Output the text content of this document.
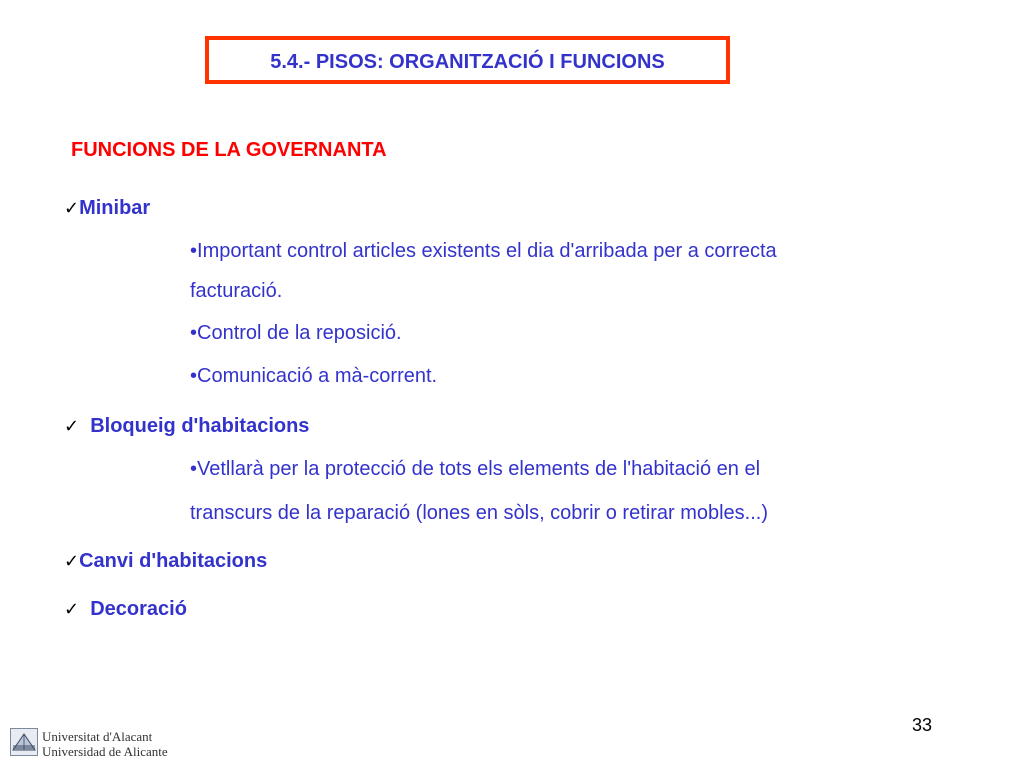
5.4.- PISOS: ORGANITZACIÓ I FUNCIONS
FUNCIONS DE LA GOVERNANTA
✓Minibar
•Important control articles existents el dia d'arribada per a correcta
facturació.
•Control de la reposició.
•Comunicació a mà-corrent.
✓ Bloqueig d'habitacions
•Vetllarà per la protecció de tots els elements de l'habitació en el
transcurs de la reparació (lones en sòls, cobrir o retirar mobles...)
✓Canvi d'habitacions
✓ Decoració
33
Universitat d'Alacant
Universidad de Alicante
